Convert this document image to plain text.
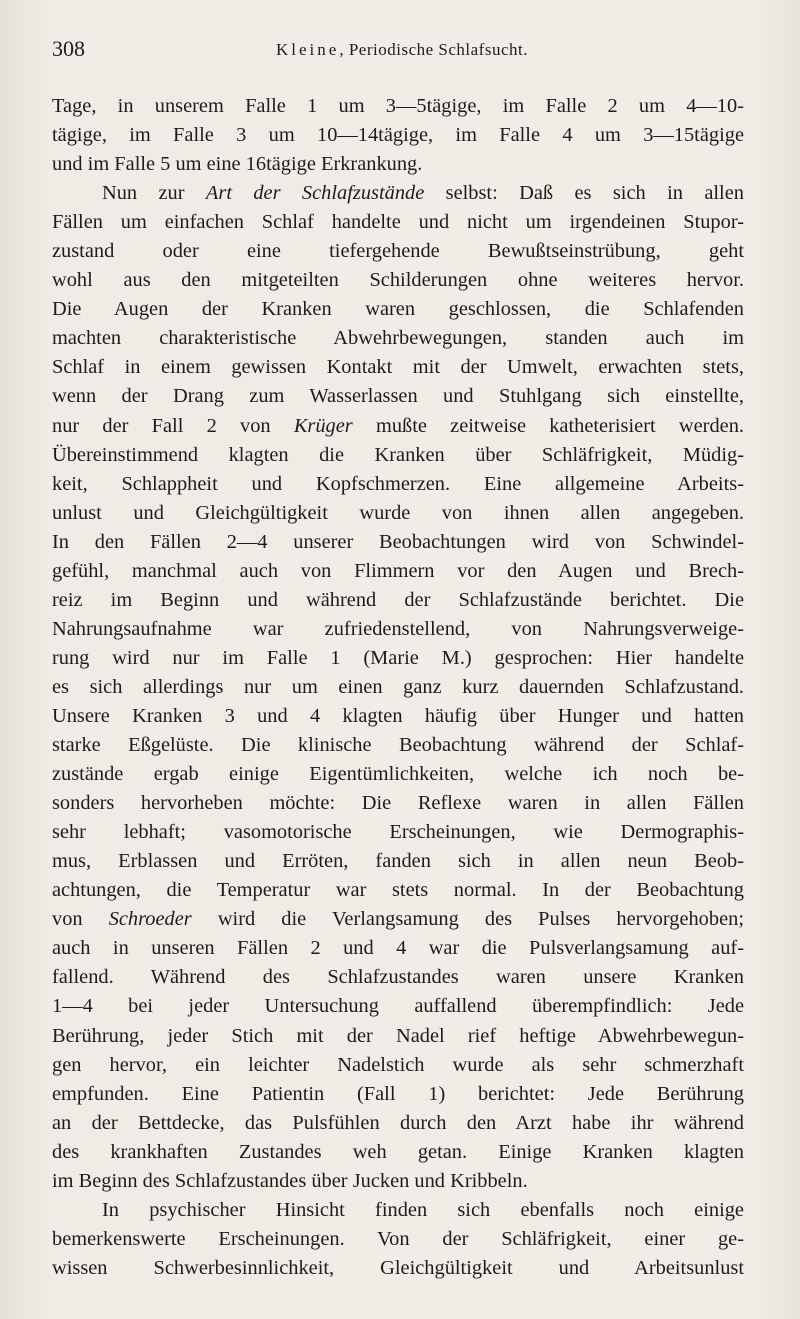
308	Kleine, Periodische Schlafsucht.
Tage, in unserem Falle 1 um 3—5tägige, im Falle 2 um 4—10-
tägige, im Falle 3 um 10—14tägige, im Falle 4 um 3—15tägige
und im Falle 5 um eine 16tägige Erkrankung.
Nun zur Art der Schlafzustände selbst: Daß es sich in allen
Fällen um einfachen Schlaf handelte und nicht um irgendeinen Stupor-
zustand oder eine tiefergehende Bewußtseinstrübung, geht
wohl aus den mitgeteilten Schilderungen ohne weiteres hervor.
Die Augen der Kranken waren geschlossen, die Schlafenden
machten charakteristische Abwehrbewegungen, standen auch im
Schlaf in einem gewissen Kontakt mit der Umwelt, erwachten stets,
wenn der Drang zum Wasserlassen und Stuhlgang sich einstellte,
nur der Fall 2 von Krüger mußte zeitweise katheterisiert werden.
Übereinstimmend klagten die Kranken über Schläfrigkeit, Müdig-
keit, Schlappheit und Kopfschmerzen. Eine allgemeine Arbeits-
unlust und Gleichgültigkeit wurde von ihnen allen angegeben.
In den Fällen 2—4 unserer Beobachtungen wird von Schwindel-
gefühl, manchmal auch von Flimmern vor den Augen und Brech-
reiz im Beginn und während der Schlafzustände berichtet. Die
Nahrungsaufnahme war zufriedenstellend, von Nahrungsverweige-
rung wird nur im Falle 1 (Marie M.) gesprochen: Hier handelte
es sich allerdings nur um einen ganz kurz dauernden Schlafzustand.
Unsere Kranken 3 und 4 klagten häufig über Hunger und hatten
starke Eßgelüste. Die klinische Beobachtung während der Schlaf-
zustände ergab einige Eigentümlichkeiten, welche ich noch be-
sonders hervorheben möchte: Die Reflexe waren in allen Fällen
sehr lebhaft; vasomotorische Erscheinungen, wie Dermographis-
mus, Erblassen und Erröten, fanden sich in allen neun Beob-
achtungen, die Temperatur war stets normal. In der Beobachtung
von Schroeder wird die Verlangsamung des Pulses hervorgehoben;
auch in unseren Fällen 2 und 4 war die Pulsverlangsamung auf-
fallend. Während des Schlafzustandes waren unsere Kranken
1—4 bei jeder Untersuchung auffallend überempfindlich: Jede
Berührung, jeder Stich mit der Nadel rief heftige Abwehrbewegun-
gen hervor, ein leichter Nadelstich wurde als sehr schmerzhaft
empfunden. Eine Patientin (Fall 1) berichtet: Jede Berührung
an der Bettdecke, das Pulsfühlen durch den Arzt habe ihr während
des krankhaften Zustandes weh getan. Einige Kranken klagten
im Beginn des Schlafzustandes über Jucken und Kribbeln.
In psychischer Hinsicht finden sich ebenfalls noch einige
bemerkenswerte Erscheinungen. Von der Schläfrigkeit, einer ge-
wissen Schwerbesinnlichkeit, Gleichgültigkeit und Arbeitsunlust
